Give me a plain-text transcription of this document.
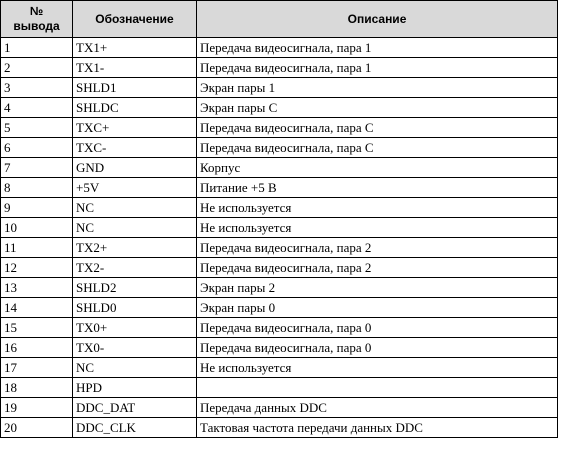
№
вывода	Обозначение	Описание
1	TX1+	Передача видеосигнала, пара 1
2	TX1-	Передача видеосигнала, пара 1
3	SHLD1	Экран пары 1
4	SHLDC	Экран пары С
5	TXC+	Передача видеосигнала, пара С
6	TXC-	Передача видеосигнала, пара С
7	GND	Корпус
8	+5V	Питание +5 В
9	NC	Не используется
10	NC	Не используется
11	TX2+	Передача видеосигнала, пара 2
12	TX2-	Передача видеосигнала, пара 2
13	SHLD2	Экран пары 2
14	SHLD0	Экран пары 0
15	TX0+	Передача видеосигнала, пара 0
16	TX0-	Передача видеосигнала, пара 0
17	NC	Не используется
18	HPD	
19	DDC_DAT	Передача данных DDC
20	DDC_CLK	Тактовая частота передачи данных DDC
